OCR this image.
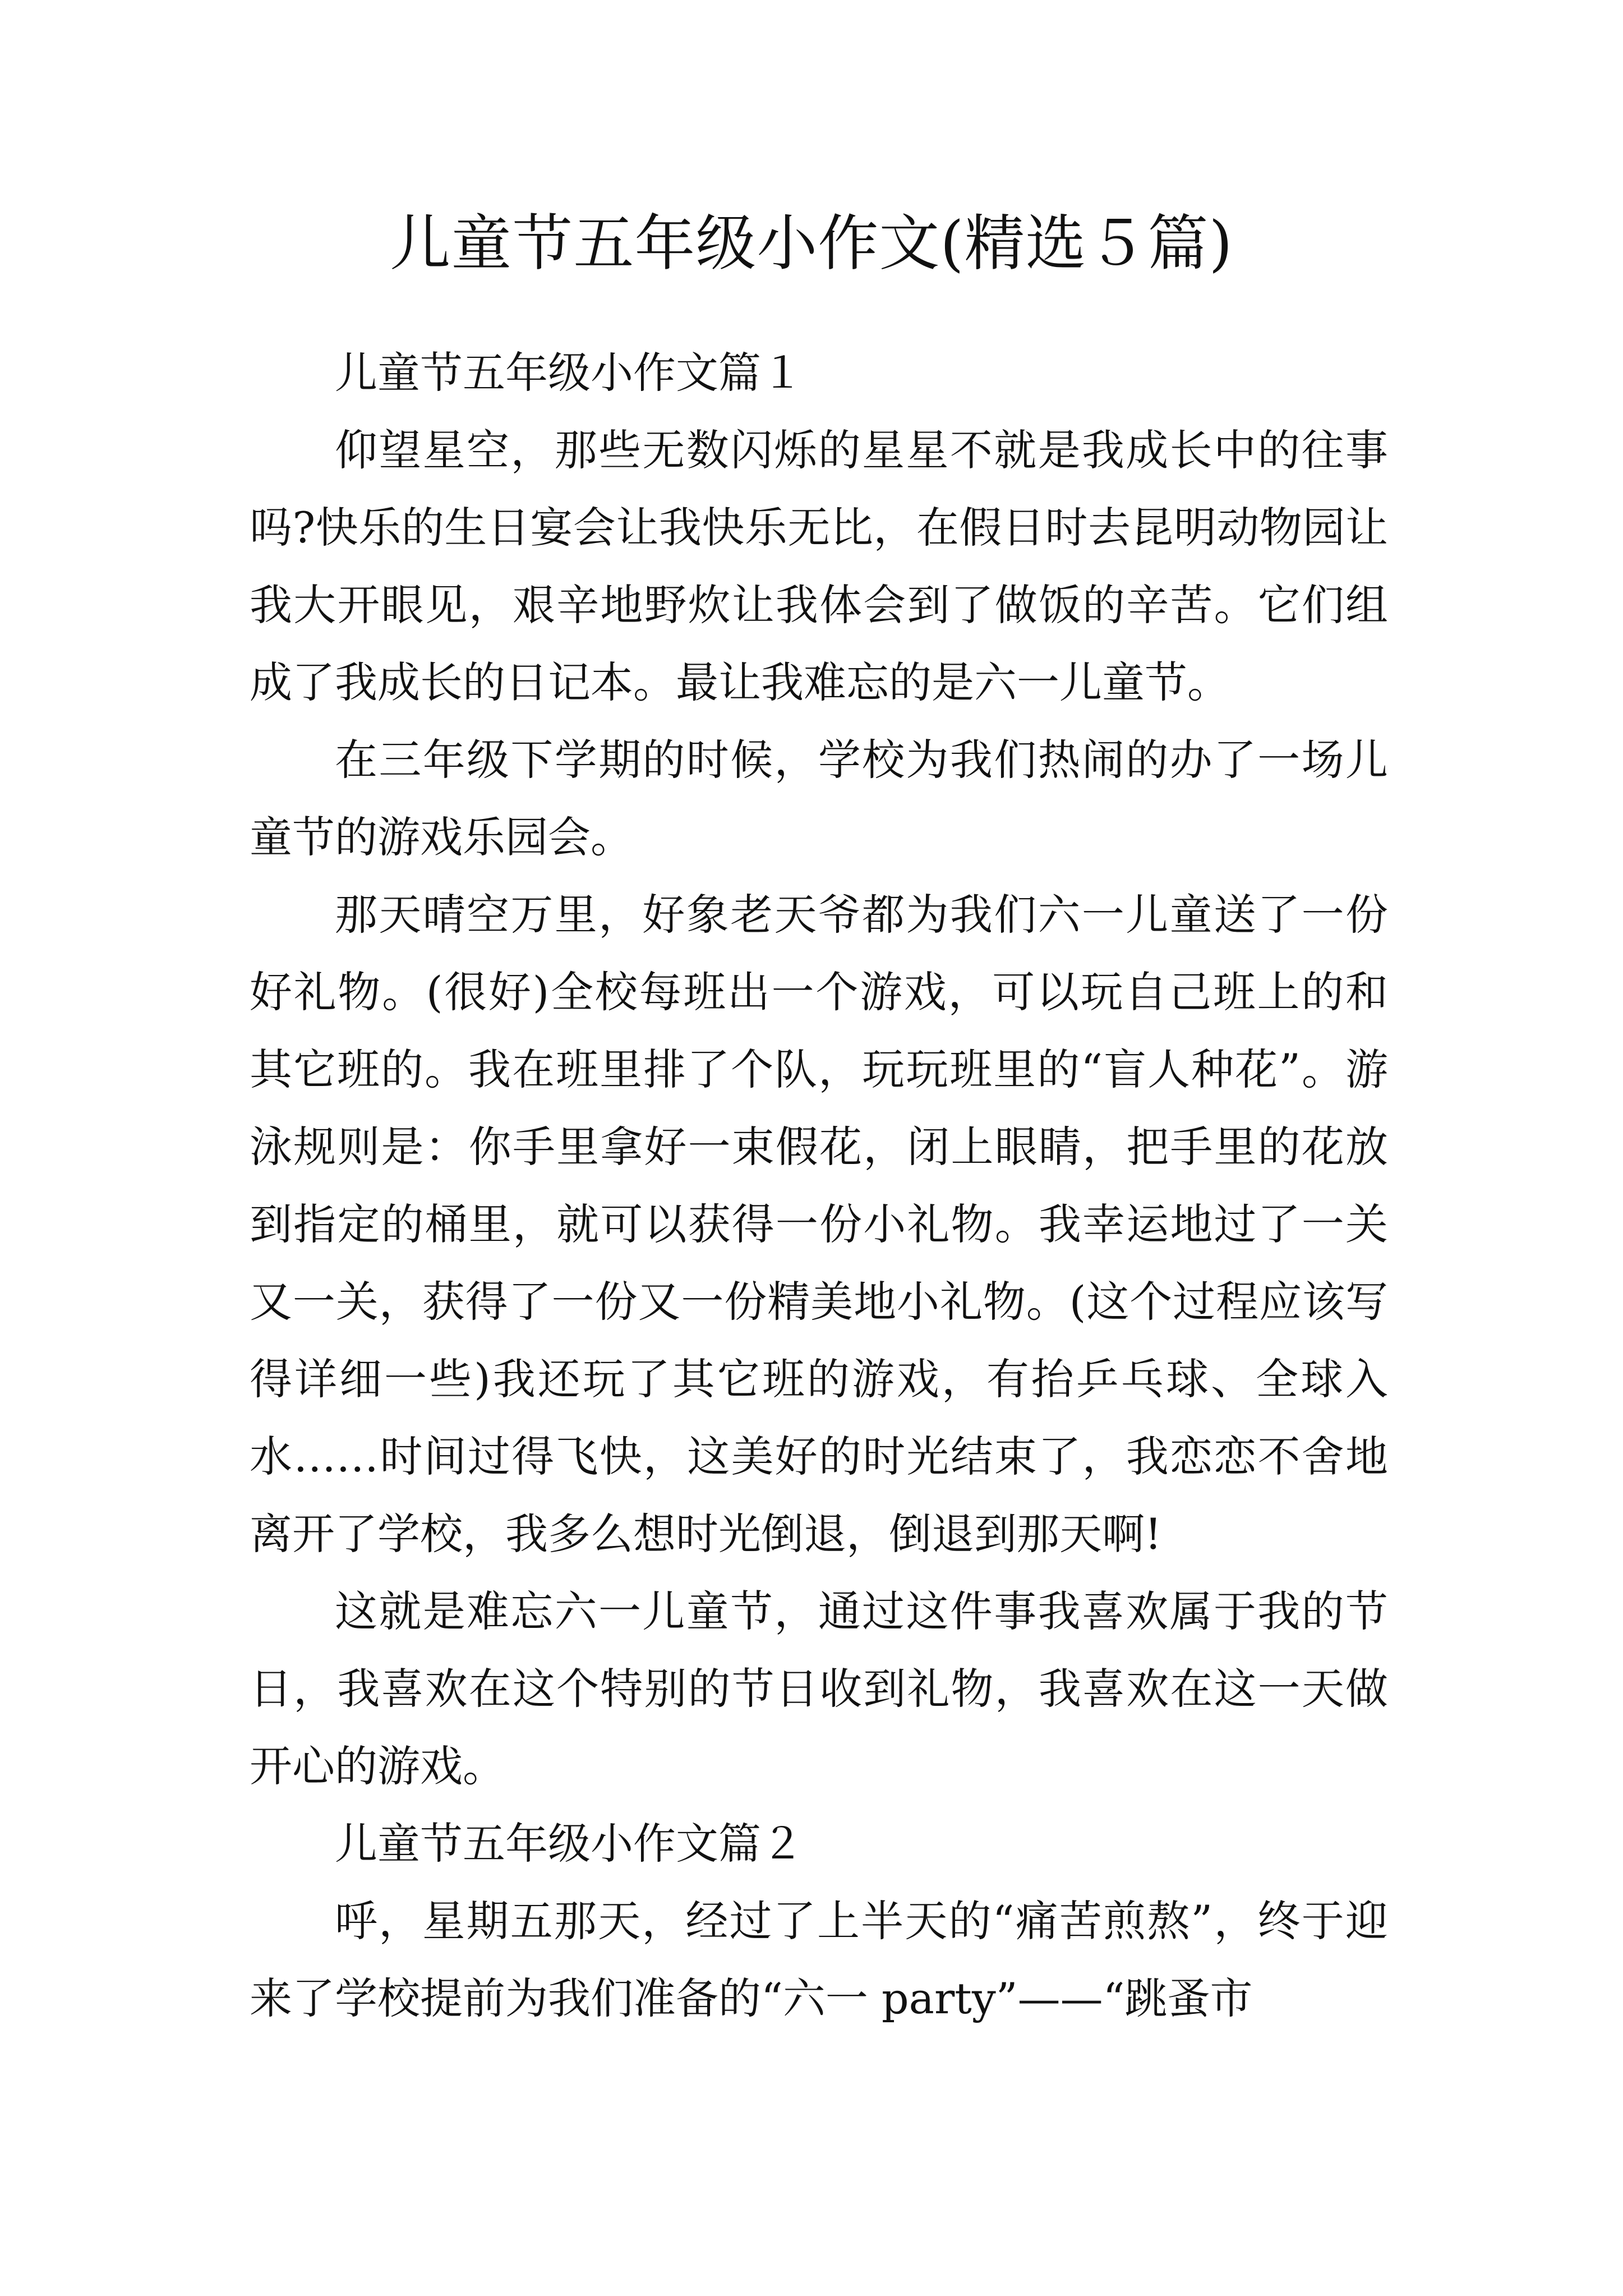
儿童节五年级小作文(精选５篇)

儿童节五年级小作文篇１

仰望星空，那些无数闪烁的星星不就是我成长中的往事吗?快乐的生日宴会让我快乐无比，在假日时去昆明动物园让我大开眼见，艰辛地野炊让我体会到了做饭的辛苦。它们组成了我成长的日记本。最让我难忘的是六一儿童节。

在三年级下学期的时候，学校为我们热闹的办了一场儿童节的游戏乐园会。

那天晴空万里，好象老天爷都为我们六一儿童送了一份好礼物。(很好)全校每班出一个游戏，可以玩自己班上的和其它班的。我在班里排了个队，玩玩班里的“盲人种花”。游泳规则是：你手里拿好一束假花，闭上眼睛，把手里的花放到指定的桶里，就可以获得一份小礼物。我幸运地过了一关又一关，获得了一份又一份精美地小礼物。(这个过程应该写得详细一些)我还玩了其它班的游戏，有抬乒乓球、全球入水……时间过得飞快，这美好的时光结束了，我恋恋不舍地离开了学校，我多么想时光倒退，倒退到那天啊!

这就是难忘六一儿童节，通过这件事我喜欢属于我的节日，我喜欢在这个特别的节日收到礼物，我喜欢在这一天做开心的游戏。

儿童节五年级小作文篇２

呼，星期五那天，经过了上半天的“痛苦煎熬”，终于迎来了学校提前为我们准备的“六一 party”——“跳蚤市
